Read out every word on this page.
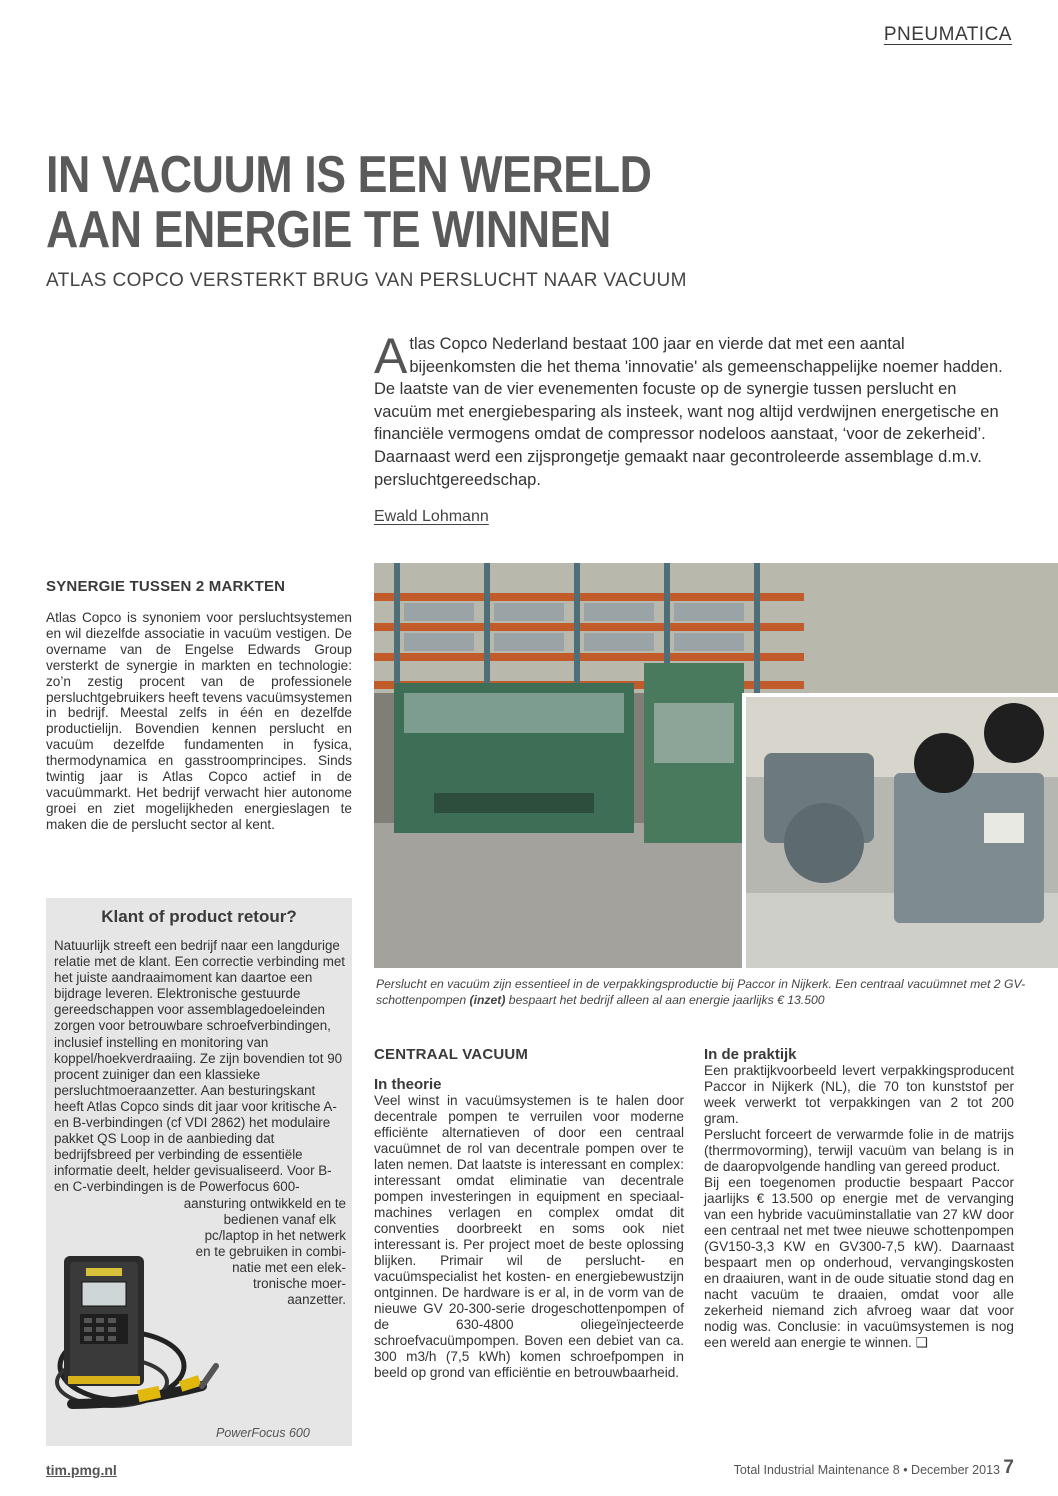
PNEUMATICA
IN VACUUM IS EEN WERELD
AAN ENERGIE TE WINNEN
ATLAS COPCO VERSTERKT BRUG VAN PERSLUCHT NAAR VACUUM
Atlas Copco Nederland bestaat 100 jaar en vierde dat met een aantal bijeenkomsten die het thema 'innovatie' als gemeenschappelijke noemer hadden. De laatste van de vier evenementen focuste op de synergie tussen perslucht en vacuüm met energiebesparing als insteek, want nog altijd verdwijnen energetische en financiële vermogens omdat de compressor nodeloos aanstaat, ‘voor de zekerheid’. Daarnaast werd een zijsprongetje gemaakt naar gecontroleerde assemblage d.m.v. persluchtgereedschap.
Ewald Lohmann
SYNERGIE TUSSEN 2 MARKTEN

Atlas Copco is synoniem voor persluchtsystemen en wil diezelfde associatie in vacuüm vestigen. De overname van de Engelse Edwards Group versterkt de synergie in markten en technologie: zo’n zestig procent van de professionele persluchtgebruikers heeft tevens vacuümsystemen in bedrijf. Meestal zelfs in één en dezelfde productielijn. Bovendien kennen perslucht en vacuüm dezelfde fundamenten in fysica, thermodynamica en gasstroomprincipes. Sinds twintig jaar is Atlas Copco actief in de vacuümmarkt. Het bedrijf verwacht hier autonome groei en ziet mogelijkheden energieslagen te maken die de perslucht sector al kent.

Klant of product retour?

Natuurlijk streeft een bedrijf naar een langdurige relatie met de klant. Een correctie verbinding met het juiste aandraaimoment kan daartoe een bijdrage leveren. Elektronische gestuurde gereedschappen voor assemblagedoeleinden zorgen voor betrouwbare schroefverbindingen, inclusief instelling en monitoring van koppel/hoekverdraaiing. Ze zijn bovendien tot 90 procent zuiniger dan een klassieke persluchtmoeraanzetter. Aan besturingskant heeft Atlas Copco sinds dit jaar voor kritische A- en B-verbindingen (cf VDI 2862) het modulaire pakket QS Loop in de aanbieding dat bedrijfsbreed per verbinding de essentiële informatie deelt, helder gevisualiseerd. Voor B- en C-verbindingen is de Powerfocus 600-

aansturing ontwikkeld en te
bedienen vanaf elk
pc/laptop in het netwerk
en te gebruiken in combi-
natie met een elek-
tronische moer-
aanzetter.
PowerFocus 600
Perslucht en vacuüm zijn essentieel in de verpakkingsproductie bij Paccor in Nijkerk. Een centraal vacuümnet met 2 GV-schottenpompen (inzet) bespaart het bedrijf alleen al aan energie jaarlijks € 13.500
CENTRAAL VACUUM
In theorie

Veel winst in vacuümsystemen is te halen door decentrale pompen te verruilen voor moderne efficiënte alternatieven of door een centraal vacuümnet de rol van decentrale pompen over te laten nemen. Dat laatste is interessant en complex: interessant omdat eliminatie van decentrale pompen investeringen in equipment en speciaal-machines verlagen en complex omdat dit conventies doorbreekt en soms ook niet interessant is. Per project moet de beste oplossing blijken. Primair wil de perslucht- en vacuümspecialist het kosten- en energiebewustzijn ontginnen. De hardware is er al, in de vorm van de nieuwe GV 20-300-serie drogeschottenpompen of de 630-4800 oliegeïnjecteerde schroefvacuümpompen. Boven een debiet van ca. 300 m3/h (7,5 kWh) komen schroefpompen in beeld op grond van efficiëntie en betrouwbaarheid.

In de praktijk

Een praktijkvoorbeeld levert verpakkingsproducent Paccor in Nijkerk (NL), die 70 ton kunststof per week verwerkt tot verpakkingen van 2 tot 200 gram.

Perslucht forceert de verwarmde folie in de matrijs (therrmovorming), terwijl vacuüm van belang is in de daaropvolgende handling van gereed product.

Bij een toegenomen productie bespaart Paccor jaarlijks € 13.500 op energie met de vervanging van een hybride vacuüminstallatie van 27 kW door een centraal net met twee nieuwe schottenpompen (GV150-3,3 KW en GV300-7,5 kW). Daarnaast bespaart men op onderhoud, vervangingskosten en draaiuren, want in de oude situatie stond dag en nacht vacuüm te draaien, omdat voor alle zekerheid niemand zich afvroeg waar dat voor nodig was. Conclusie: in vacuümsystemen is nog een wereld aan energie te winnen. ❑

tim.pmg.nl	Total Industrial Maintenance 8 • December 2013 7
